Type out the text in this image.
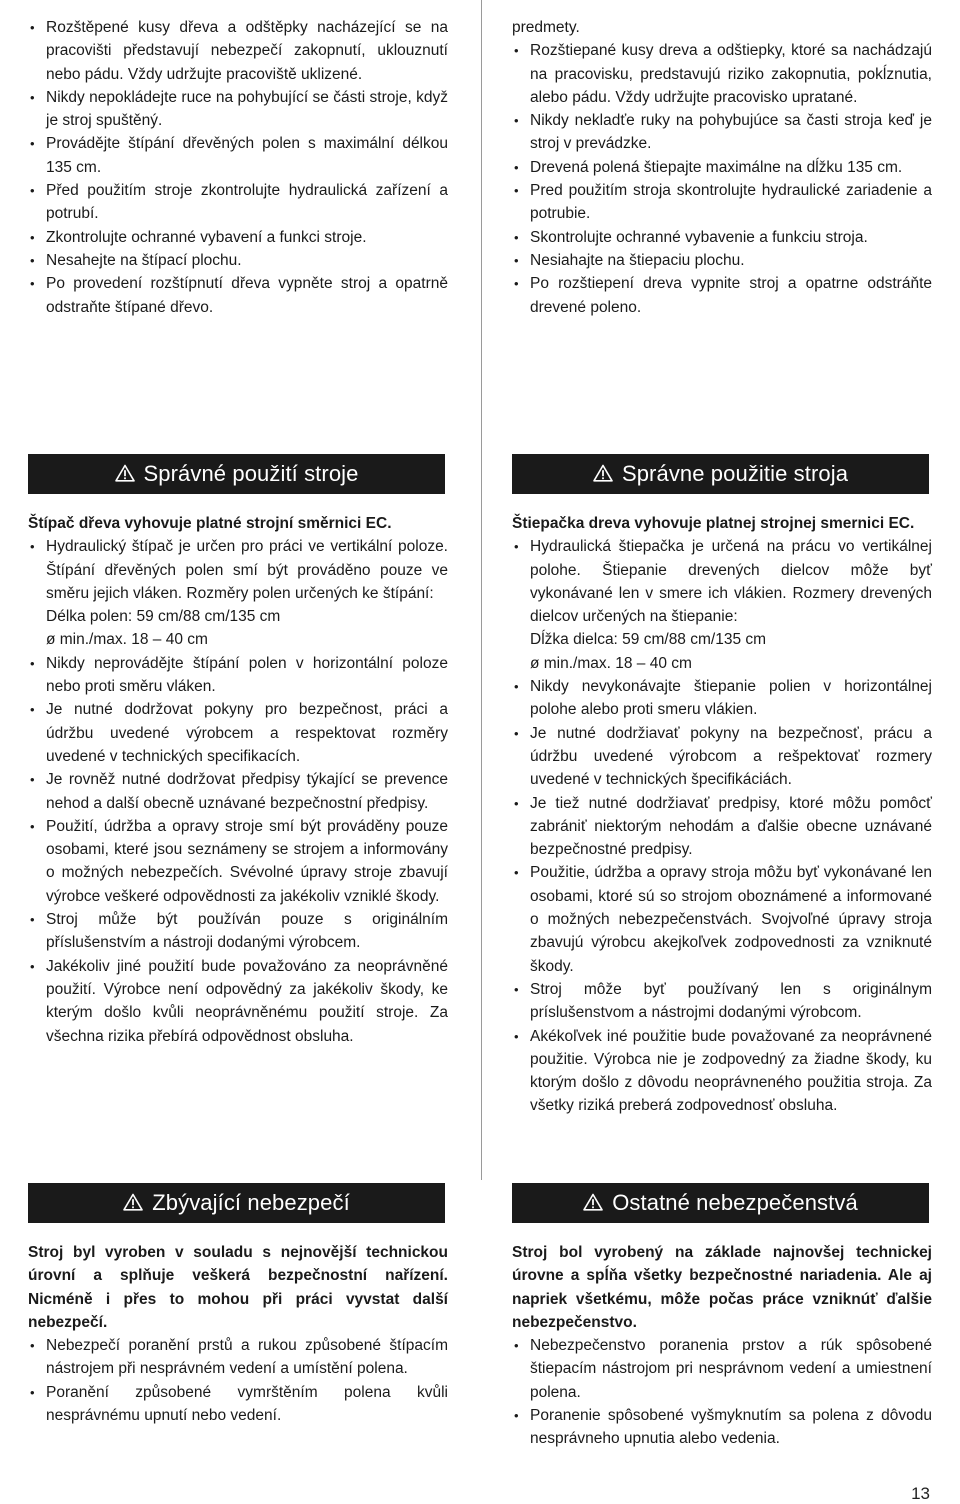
• Rozštěpené kusy dřeva a odštěpky nacházející se na pracovišti představují nebezpečí zakopnutí, uklouznutí nebo pádu. Vždy udržujte pracoviště uklizené.
• Nikdy nepokládejte ruce na pohybující se části stroje, když je stroj spuštěný.
• Provádějte štípání dřevěných polen s maximální délkou 135 cm.
• Před použitím stroje zkontrolujte hydraulická zařízení a potrubí.
• Zkontrolujte ochranné vybavení a funkci stroje.
• Nesahejte na štípací plochu.
• Po provedení rozštípnutí dřeva vypněte stroj a opatrně odstraňte štípané dřevo.

predmety.

• Rozštiepané kusy dreva a odštiepky, ktoré sa nachádzajú na pracovisku, predstavujú riziko zakopnutia, pokĺznutia, alebo pádu. Vždy udržujte pracovisko upratané.
• Nikdy nekladťe ruky na pohybujúce sa časti stroja keď je stroj v prevádzke.
• Drevená polená štiepajte maximálne na dĺžku 135 cm.
• Pred použitím stroja skontrolujte hydraulické zariadenie a potrubie.
• Skontrolujte ochranné vybavenie a funkciu stroja.
• Nesiahajte na štiepaciu plochu.
• Po rozštiepení dreva vypnite stroj a opatrne odstráňte drevené poleno.
Správné použití stroje	Správne použitie stroja

Štípač dřeva vyhovuje platné strojní směrnici EC.

• Hydraulický štípač je určen pro práci ve vertikální poloze. Štípání dřevěných polen smí být prováděno pouze ve směru jejich vláken. Rozměry polen určených ke štípání:
Délka polen: 59 cm/88 cm/135 cm
ø min./max. 18 – 40 cm
• Nikdy neprovádějte štípání polen v horizontální poloze nebo proti směru vláken.
• Je nutné dodržovat pokyny pro bezpečnost, práci a údržbu uvedené výrobcem a respektovat rozměry uvedené v technických specifikacích.
• Je rovněž nutné dodržovat předpisy týkající se prevence nehod a další obecně uznávané bezpečnostní předpisy.
• Použití, údržba a opravy stroje smí být prováděny pouze osobami, které jsou seznámeny se strojem a informovány o možných nebezpečích. Svévolné úpravy stroje zbavují výrobce veškeré odpovědnosti za jakékoliv vzniklé škody.
• Stroj může být používán pouze s originálním příslušenstvím a nástroji dodanými výrobcem.
• Jakékoliv jiné použití bude považováno za neoprávněné použití. Výrobce není odpovědný za jakékoliv škody, ke kterým došlo kvůli neoprávněnému použití stroje. Za všechna rizika přebírá odpovědnost obsluha.

Štiepačka dreva vyhovuje platnej strojnej smernici EC.

• Hydraulická štiepačka je určená na prácu vo vertikálnej polohe. Štiepanie drevených dielcov môže byť vykonávané len v smere ich vlákien. Rozmery drevených dielcov určených na štiepanie:
Dĺžka dielca: 59 cm/88 cm/135 cm
ø min./max. 18 – 40 cm
• Nikdy nevykonávajte štiepanie polien v horizontálnej polohe alebo proti smeru vlákien.
• Je nutné dodržiavať pokyny na bezpečnosť, prácu a údržbu uvedené výrobcom a rešpektovať rozmery uvedené v technických špecifikáciách.
• Je tiež nutné dodržiavať predpisy, ktoré môžu pomôcť zabrániť niektorým nehodám a ďalšie obecne uznávané bezpečnostné predpisy.
• Použitie, údržba a opravy stroja môžu byť vykonávané len osobami, ktoré sú so strojom oboznámené a informované o možných nebezpečenstvách. Svojvoľné úpravy stroja zbavujú výrobcu akejkoľvek zodpovednosti za vzniknuté škody.
• Stroj môže byť používaný len s originálnym príslušenstvom a nástrojmi dodanými výrobcom.
• Akékoľvek iné použitie bude považované za neoprávnené použitie. Výrobca nie je zodpovedný za žiadne škody, ku ktorým došlo z dôvodu neoprávneného použitia stroja. Za všetky riziká preberá zodpovednosť obsluha.
Zbývající nebezpečí	Ostatné nebezpečenstvá

Stroj byl vyroben v souladu s nejnovější technickou úrovní a splňuje veškerá bezpečnostní nařízení. Nicméně i přes to mohou při práci vyvstat další nebezpečí.

• Nebezpečí poranění prstů a rukou způsobené štípacím nástrojem při nesprávném vedení a umístění polena.
• Poranění způsobené vymrštěním polena kvůli nesprávnému upnutí nebo vedení.

Stroj bol vyrobený na základe najnovšej technickej úrovne a spĺňa všetky bezpečnostné nariadenia. Ale aj napriek všetkému, môže počas práce vzniknúť ďalšie nebezpečenstvo.

• Nebezpečenstvo poranenia prstov a rúk spôsobené štiepacím nástrojom pri nesprávnom vedení a umiestnení polena.
• Poranenie spôsobené vyšmyknutím sa polena z dôvodu nesprávneho upnutia alebo vedenia.
13
